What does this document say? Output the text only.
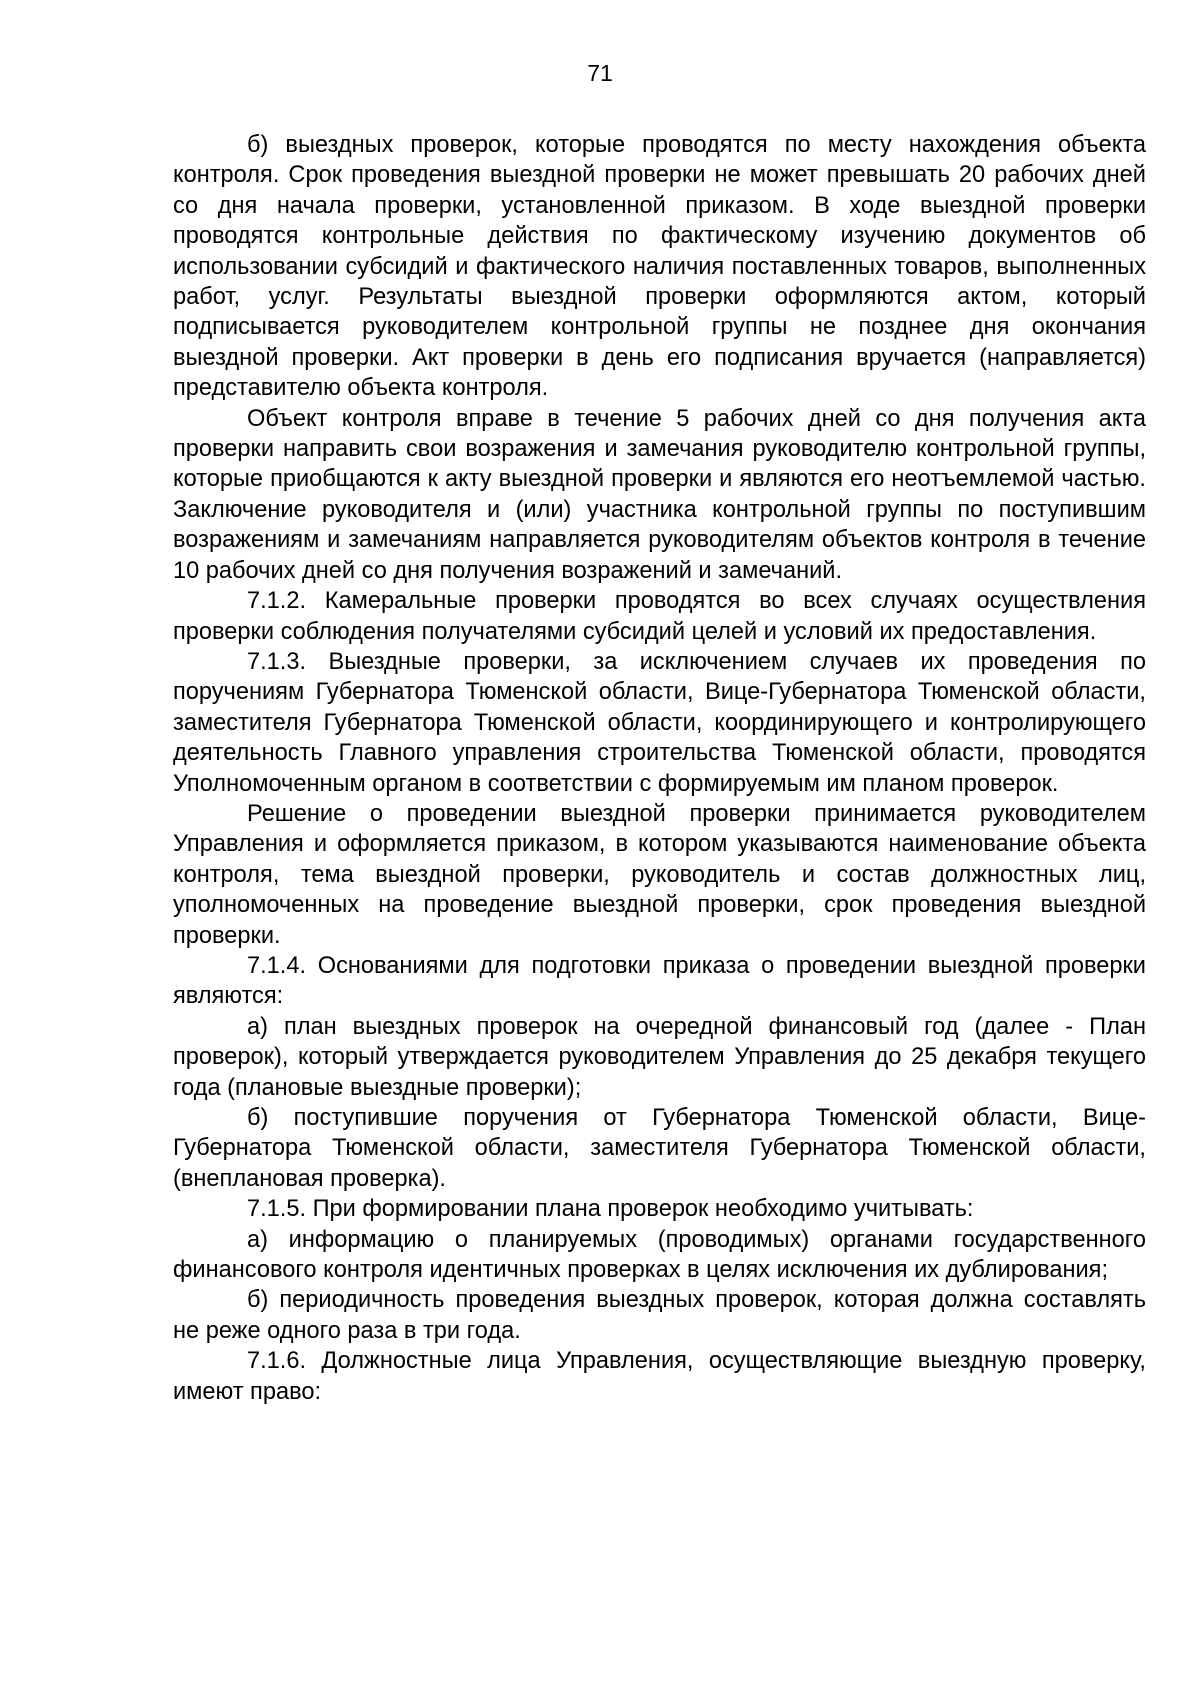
71

б) выездных проверок, которые проводятся по месту нахождения объекта контроля. Срок проведения выездной проверки не может превышать 20 рабочих дней со дня начала проверки, установленной приказом. В ходе выездной проверки проводятся контрольные действия по фактическому изучению документов об использовании субсидий и фактического наличия поставленных товаров, выполненных работ, услуг. Результаты выездной проверки оформляются актом, который подписывается руководителем контрольной группы не позднее дня окончания выездной проверки. Акт проверки в день его подписания вручается (направляется) представителю объекта контроля.

Объект контроля вправе в течение 5 рабочих дней со дня получения акта проверки направить свои возражения и замечания руководителю контрольной группы, которые приобщаются к акту выездной проверки и являются его неотъемлемой частью. Заключение руководителя и (или) участника контрольной группы по поступившим возражениям и замечаниям направляется руководителям объектов контроля в течение 10 рабочих дней со дня получения возражений и замечаний.

7.1.2. Камеральные проверки проводятся во всех случаях осуществления проверки соблюдения получателями субсидий целей и условий их предоставления.

7.1.3. Выездные проверки, за исключением случаев их проведения по поручениям Губернатора Тюменской области, Вице-Губернатора Тюменской области, заместителя Губернатора Тюменской области, координирующего и контролирующего деятельность Главного управления строительства Тюменской области, проводятся Уполномоченным органом в соответствии с формируемым им планом проверок.

Решение о проведении выездной проверки принимается руководителем Управления и оформляется приказом, в котором указываются наименование объекта контроля, тема выездной проверки, руководитель и состав должностных лиц, уполномоченных на проведение выездной проверки, срок проведения выездной проверки.

7.1.4. Основаниями для подготовки приказа о проведении выездной проверки являются:

а) план выездных проверок на очередной финансовый год (далее - План проверок), который утверждается руководителем Управления до 25 декабря текущего года (плановые выездные проверки);

б) поступившие поручения от Губернатора Тюменской области, Вице-Губернатора Тюменской области, заместителя Губернатора Тюменской области, (внеплановая проверка).

7.1.5. При формировании плана проверок необходимо учитывать:

а) информацию о планируемых (проводимых) органами государственного финансового контроля идентичных проверках в целях исключения их дублирования;

б) периодичность проведения выездных проверок, которая должна составлять не реже одного раза в три года.

7.1.6. Должностные лица Управления, осуществляющие выездную проверку, имеют право:
